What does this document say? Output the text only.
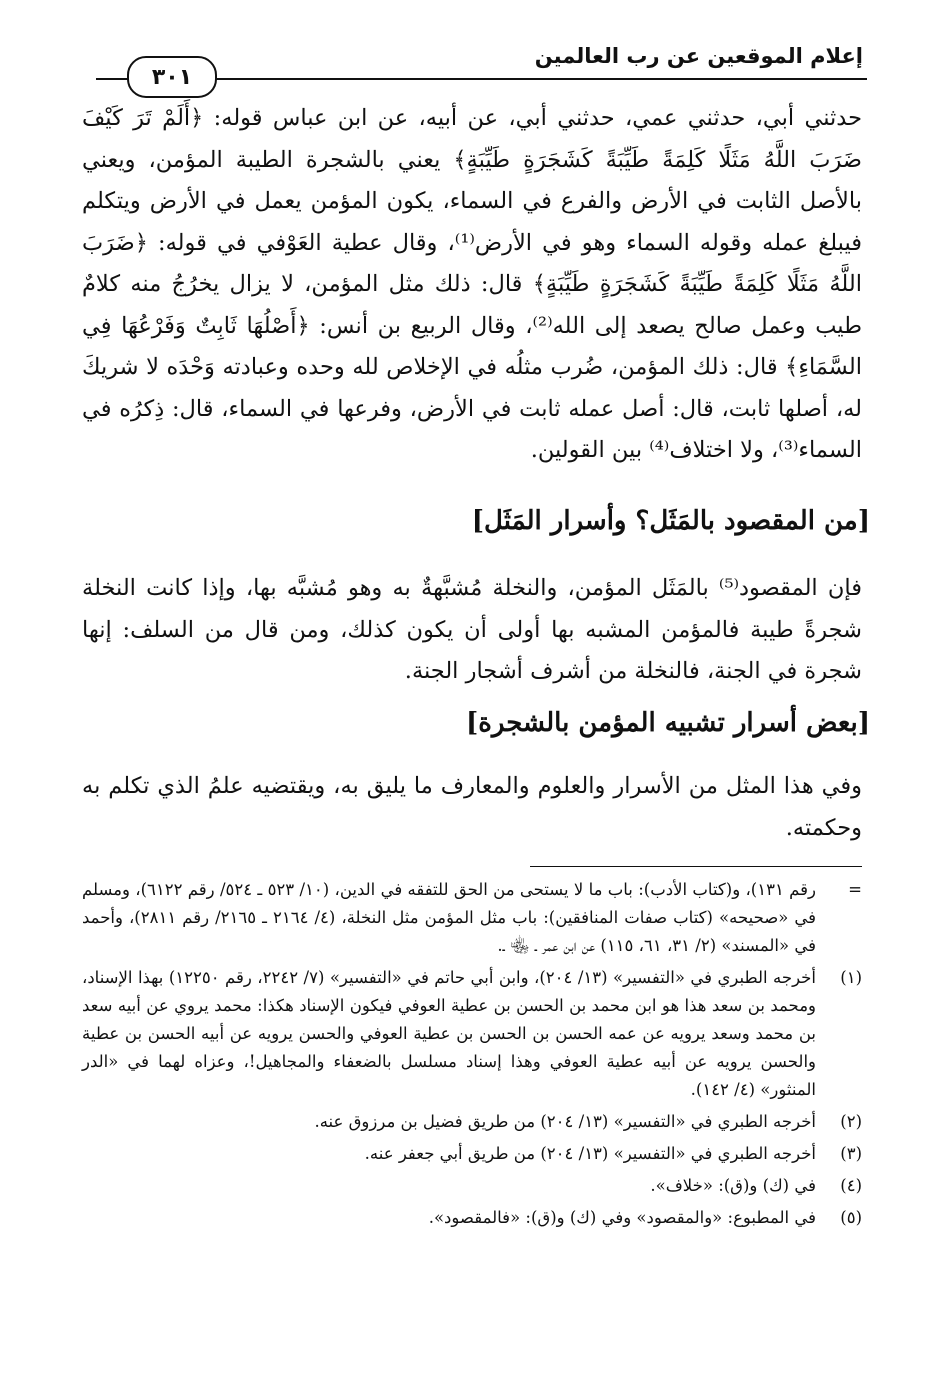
إعلام الموقعين عن رب العالمين
٣٠١

حدثني أبي، حدثني عمي، حدثني أبي، عن أبيه، عن ابن عباس قوله: ﴿أَلَمْ تَرَ كَيْفَ ضَرَبَ اللَّهُ مَثَلًا كَلِمَةً طَيِّبَةً كَشَجَرَةٍ طَيِّبَةٍ﴾ يعني بالشجرة الطيبة المؤمن، ويعني بالأصل الثابت في الأرض والفرع في السماء، يكون المؤمن يعمل في الأرض ويتكلم فيبلغ عمله وقوله السماء وهو في الأرض⁽¹⁾، وقال عطية العَوْفي في قوله: ﴿ضَرَبَ اللَّهُ مَثَلًا كَلِمَةً طَيِّبَةً كَشَجَرَةٍ طَيِّبَةٍ﴾ قال: ذلك مثل المؤمن، لا يزال يخرُجُ منه كلامٌ طيب وعمل صالح يصعد إلى الله⁽²⁾، وقال الربيع بن أنس: ﴿أَصْلُهَا ثَابِتٌ وَفَرْعُهَا فِي السَّمَاءِ﴾ قال: ذلك المؤمن، ضُرب مثلُه في الإخلاص لله وحده وعبادته وَحْدَه لا شريكَ له، أصلها ثابت، قال: أصل عمله ثابت في الأرض، وفرعها في السماء، قال: ذِكرُه في السماء⁽³⁾، ولا اختلاف⁽⁴⁾ بين القولين.

[من المقصود بالمَثَل؟ وأسرار المَثَل]

فإن المقصود⁽⁵⁾ بالمَثَل المؤمن، والنخلة مُشبَّهةٌ به وهو مُشبَّه بها، وإذا كانت النخلة شجرةً طيبة فالمؤمن المشبه بها أولى أن يكون كذلك، ومن قال من السلف: إنها شجرة في الجنة، فالنخلة من أشرف أشجار الجنة.

[بعض أسرار تشبيه المؤمن بالشجرة]

وفي هذا المثل من الأسرار والعلوم والمعارف ما يليق به، ويقتضيه علمُ الذي تكلم به وحكمته.

=
رقم ١٣١)، و(كتاب الأدب): باب ما لا يستحى من الحق للتفقه في الدين، (١٠/ ٥٢٣ ـ ٥٢٤/ رقم ٦١٢٢)، ومسلم في «صحيحه» (كتاب صفات المنافقين): باب مثل المؤمن مثل النخلة، (٤/ ٢١٦٤ ـ ٢١٦٥/ رقم ٢٨١١)، وأحمد في «المسند» (٢/ ٣١، ٦١، ١١٥) عن ابن عمر ـ ﵄ ـ.
(١)
أخرجه الطبري في «التفسير» (١٣/ ٢٠٤)، وابن أبي حاتم في «التفسير» (٧/ ٢٢٤٢، رقم ١٢٢٥٠) بهذا الإسناد، ومحمد بن سعد هذا هو ابن محمد بن الحسن بن عطية العوفي فيكون الإسناد هكذا: محمد يروي عن أبيه سعد بن محمد وسعد يرويه عن عمه الحسن بن الحسن بن عطية العوفي والحسن يرويه عن أبيه الحسن بن عطية والحسن يرويه عن أبيه عطية العوفي وهذا إسناد مسلسل بالضعفاء والمجاهيل!، وعزاه لهما في «الدر المنثور» (٤/ ١٤٢).
(٢)
أخرجه الطبري في «التفسير» (١٣/ ٢٠٤) من طريق فضيل بن مرزوق عنه.
(٣)
أخرجه الطبري في «التفسير» (١٣/ ٢٠٤) من طريق أبي جعفر عنه.
(٤)
في (ك) و(ق): «خلاف».
(٥)
في المطبوع: «والمقصود» وفي (ك) و(ق): «فالمقصود».
